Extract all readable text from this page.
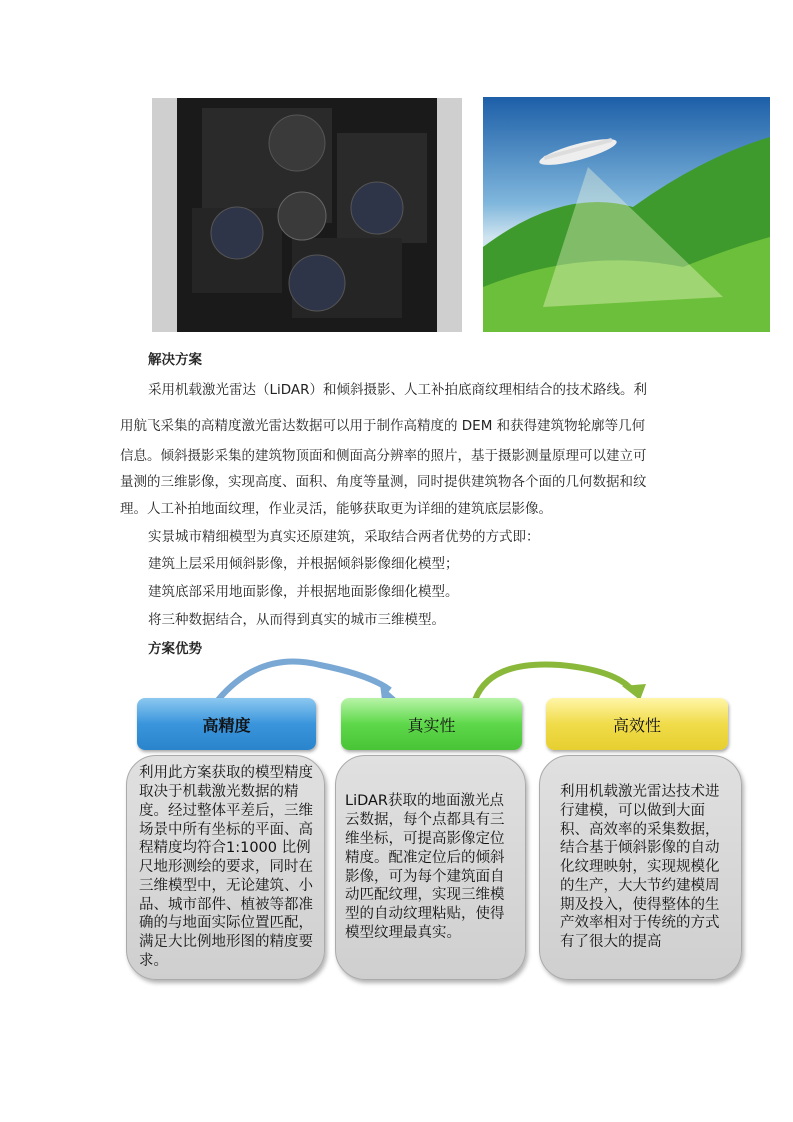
解决方案
采用机载激光雷达（LiDAR）和倾斜摄影、人工补拍底商纹理相结合的技术路线。利
用航飞采集的高精度激光雷达数据可以用于制作高精度的 DEM 和获得建筑物轮廓等几何
信息。倾斜摄影采集的建筑物顶面和侧面高分辨率的照片，基于摄影测量原理可以建立可
量测的三维影像，实现高度、面积、角度等量测，同时提供建筑物各个面的几何数据和纹
理。人工补拍地面纹理，作业灵活，能够获取更为详细的建筑底层影像。
实景城市精细模型为真实还原建筑，采取结合两者优势的方式即：
建筑上层采用倾斜影像，并根据倾斜影像细化模型；
建筑底部采用地面影像，并根据地面影像细化模型。
将三种数据结合，从而得到真实的城市三维模型。
方案优势
高精度	真实性	高效性
利用此方案获取的模型精度取决于机载激光数据的精度。经过整体平差后，三维场景中所有坐标的平面、高程精度均符合1:1000 比例尺地形测绘的要求，同时在三维模型中，无论建筑、小品、城市部件、植被等都准确的与地面实际位置匹配，满足大比例地形图的精度要求。
LiDAR获取的地面激光点云数据，每个点都具有三维坐标，可提高影像定位精度。配准定位后的倾斜影像，可为每个建筑面自动匹配纹理，实现三维模型的自动纹理粘贴，使得模型纹理最真实。
利用机载激光雷达技术进行建模，可以做到大面积、高效率的采集数据，结合基于倾斜影像的自动化纹理映射，实现规模化的生产，大大节约建模周期及投入，使得整体的生产效率相对于传统的方式有了很大的提高
